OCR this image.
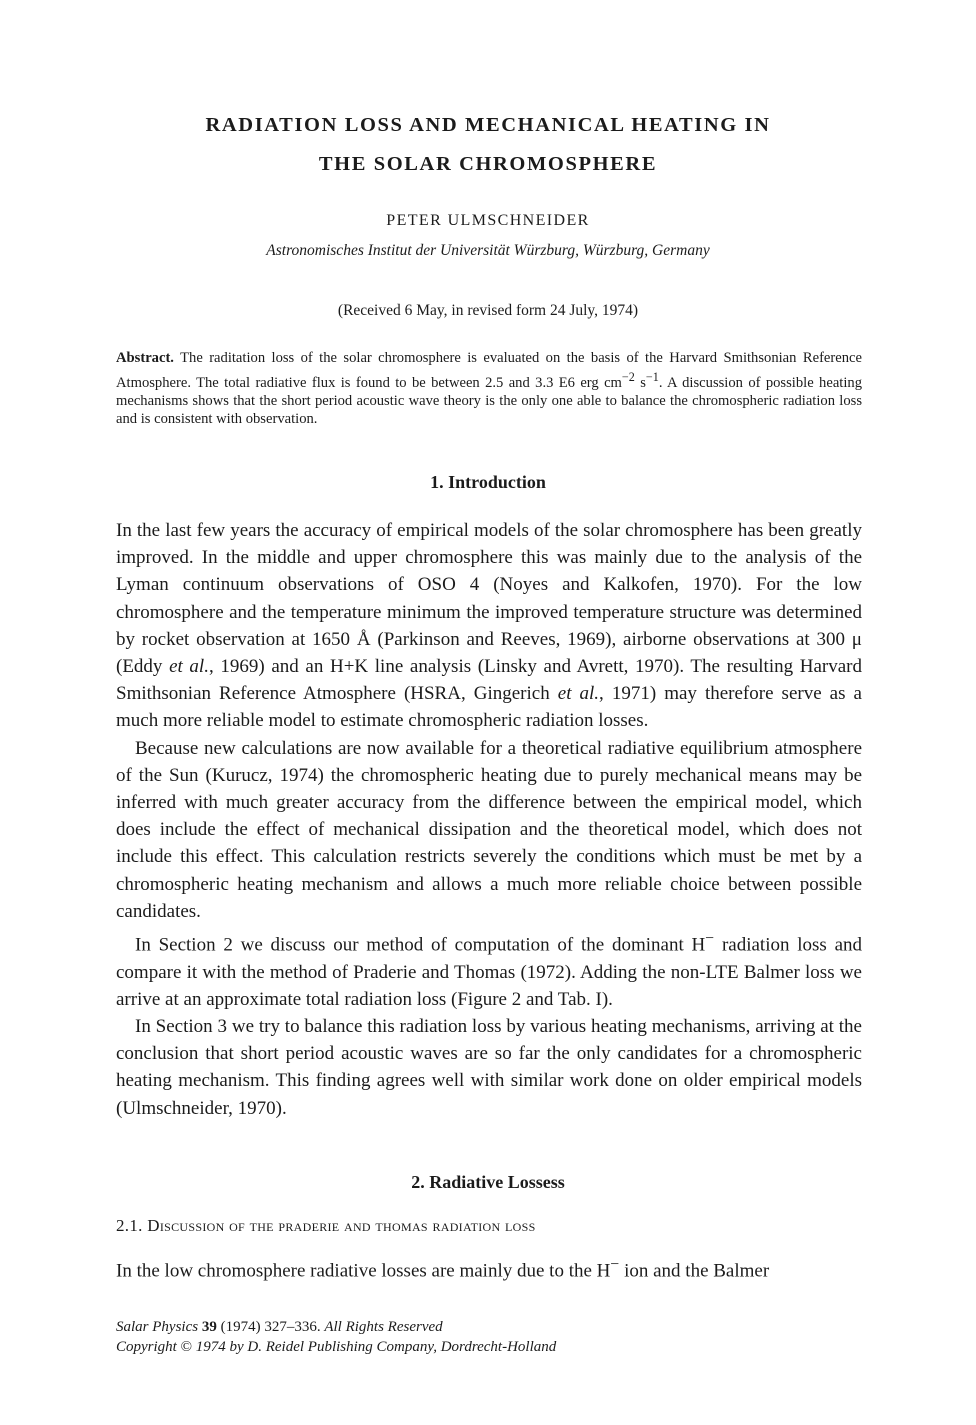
RADIATION LOSS AND MECHANICAL HEATING IN
THE SOLAR CHROMOSPHERE
PETER ULMSCHNEIDER
Astronomisches Institut der Universität Würzburg, Würzburg, Germany
(Received 6 May, in revised form 24 July, 1974)
Abstract. The raditation loss of the solar chromosphere is evaluated on the basis of the Harvard Smithsonian Reference Atmosphere. The total radiative flux is found to be between 2.5 and 3.3 E6 erg $cm^{-2}$ $s^{-1}$. A discussion of possible heating mechanisms shows that the short period acoustic wave theory is the only one able to balance the chromospheric radiation loss and is consistent with observation.
1. Introduction

In the last few years the accuracy of empirical models of the solar chromosphere has been greatly improved. In the middle and upper chromosphere this was mainly due to the analysis of the Lyman continuum observations of OSO 4 (Noyes and Kalkofen, 1970). For the low chromosphere and the temperature minimum the improved temperature structure was determined by rocket observation at 1650 Å (Parkinson and Reeves, 1969), airborne observations at 300 μ (Eddy et al., 1969) and an H+K line analysis (Linsky and Avrett, 1970). The resulting Harvard Smithsonian Reference Atmosphere (HSRA, Gingerich et al., 1971) may therefore serve as a much more reliable model to estimate chromospheric radiation losses.

Because new calculations are now available for a theoretical radiative equilibrium atmosphere of the Sun (Kurucz, 1974) the chromospheric heating due to purely mechanical means may be inferred with much greater accuracy from the difference between the empirical model, which does include the effect of mechanical dissipation and the theoretical model, which does not include this effect. This calculation restricts severely the conditions which must be met by a chromospheric heating mechanism and allows a much more reliable choice between possible candidates.

In Section 2 we discuss our method of computation of the dominant H− radiation loss and compare it with the method of Praderie and Thomas (1972). Adding the non-LTE Balmer loss we arrive at an approximate total radiation loss (Figure 2 and Tab. I).

In Section 3 we try to balance this radiation loss by various heating mechanisms, arriving at the conclusion that short period acoustic waves are so far the only candidates for a chromospheric heating mechanism. This finding agrees well with similar work done on older empirical models (Ulmschneider, 1970).

2. Radiative Lossess
2.1. Discussion of the praderie and thomas radiation loss

In the low chromosphere radiative losses are mainly due to the H− ion and the Balmer

Salar Physics 39 (1974) 327–336. All Rights Reserved
Copyright © 1974 by D. Reidel Publishing Company, Dordrecht-Holland
